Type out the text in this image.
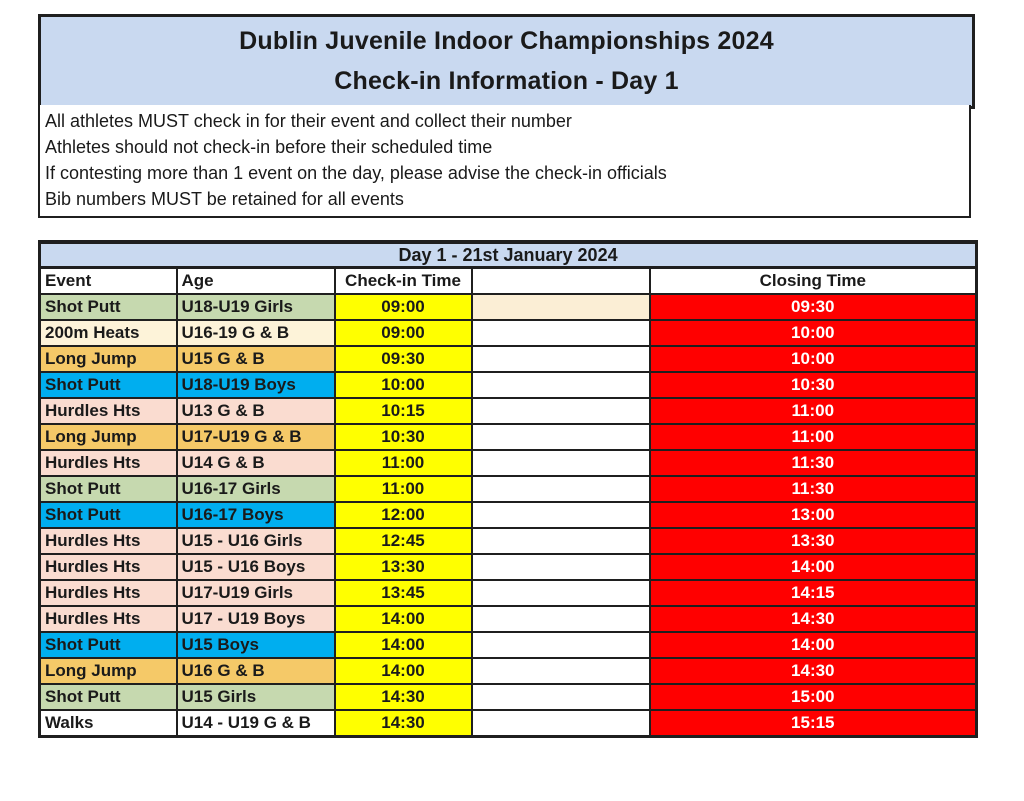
Dublin Juvenile Indoor Championships 2024
Check-in Information - Day 1
All athletes MUST check in for their event and collect their number
Athletes should not check-in before their scheduled time
If contesting more than 1 event on the day, please advise the check-in officials
Bib numbers MUST be retained for all events
Day 1 - 21st January 2024				
Event	Age	Check-in Time		Closing Time
Shot Putt	U18-U19 Girls	09:00		09:30
200m Heats	U16-19 G & B	09:00		10:00
Long Jump	U15 G & B	09:30		10:00
Shot Putt	U18-U19 Boys	10:00		10:30
Hurdles Hts	U13 G & B	10:15		11:00
Long Jump	U17-U19 G & B	10:30		11:00
Hurdles Hts	U14 G & B	11:00		11:30
Shot Putt	U16-17 Girls	11:00		11:30
Shot Putt	U16-17 Boys	12:00		13:00
Hurdles Hts	U15 - U16 Girls	12:45		13:30
Hurdles Hts	U15 - U16 Boys	13:30		14:00
Hurdles Hts	U17-U19 Girls	13:45		14:15
Hurdles Hts	U17 - U19 Boys	14:00		14:30
Shot Putt	U15 Boys	14:00		14:00
Long Jump	U16 G & B	14:00		14:30
Shot Putt	U15 Girls	14:30		15:00
Walks	U14 - U19 G & B	14:30		15:15
